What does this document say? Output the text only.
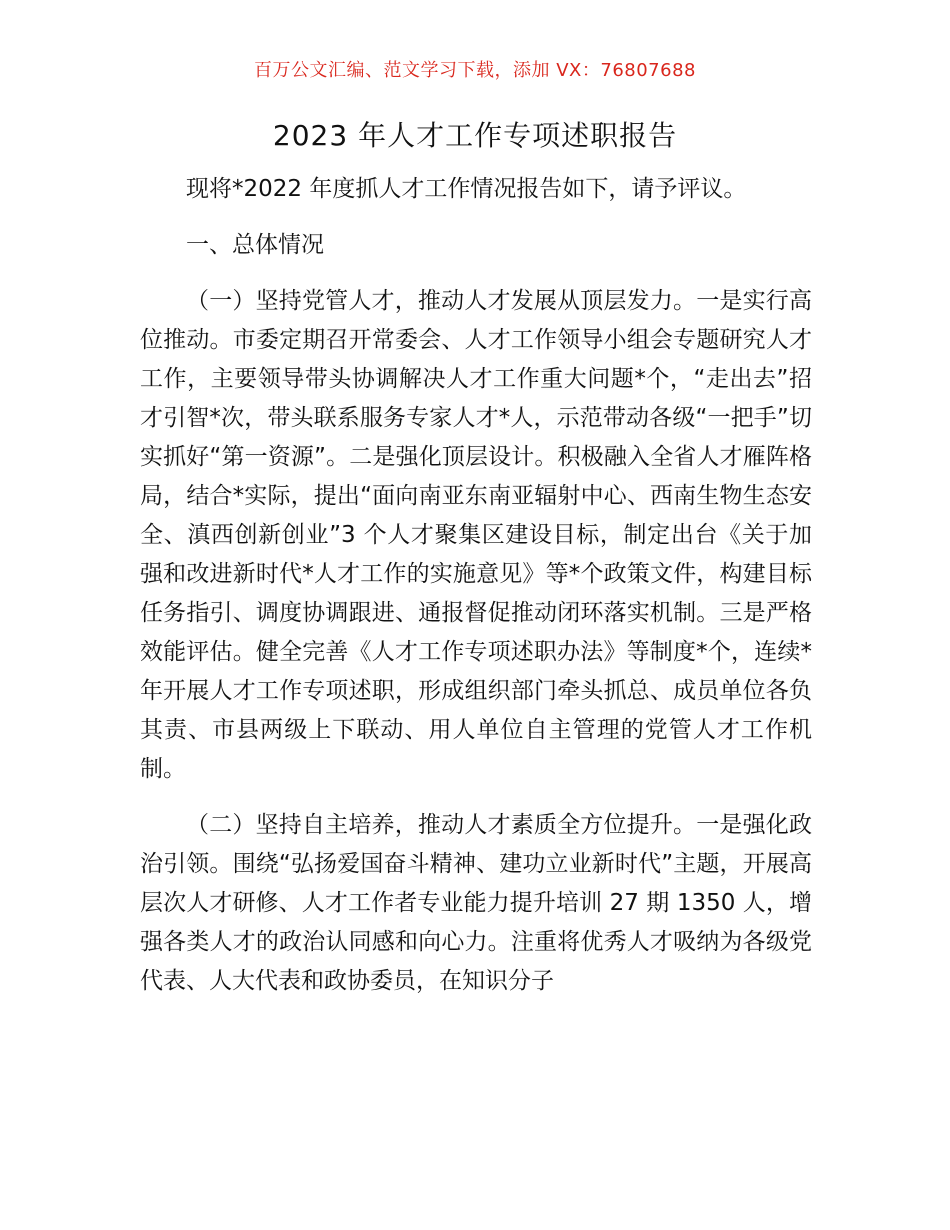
百万公文汇编、范文学习下载，添加 VX：76807688
2023 年人才工作专项述职报告

现将*2022 年度抓人才工作情况报告如下，请予评议。

一、总体情况

（一）坚持党管人才，推动人才发展从顶层发力。一是实行高位推动。市委定期召开常委会、人才工作领导小组会专题研究人才工作，主要领导带头协调解决人才工作重大问题*个，“走出去”招才引智*次，带头联系服务专家人才*人，示范带动各级“一把手”切实抓好“第一资源”。二是强化顶层设计。积极融入全省人才雁阵格局，结合*实际，提出“面向南亚东南亚辐射中心、西南生物生态安全、滇西创新创业”3 个人才聚集区建设目标，制定出台《关于加强和改进新时代*人才工作的实施意见》等*个政策文件，构建目标任务指引、调度协调跟进、通报督促推动闭环落实机制。三是严格效能评估。健全完善《人才工作专项述职办法》等制度*个，连续*年开展人才工作专项述职，形成组织部门牵头抓总、成员单位各负其责、市县两级上下联动、用人单位自主管理的党管人才工作机制。

（二）坚持自主培养，推动人才素质全方位提升。一是强化政治引领。围绕“弘扬爱国奋斗精神、建功立业新时代”主题，开展高层次人才研修、人才工作者专业能力提升培训 27 期 1350 人，增强各类人才的政治认同感和向心力。注重将优秀人才吸纳为各级党代表、人大代表和政协委员，在知识分子
